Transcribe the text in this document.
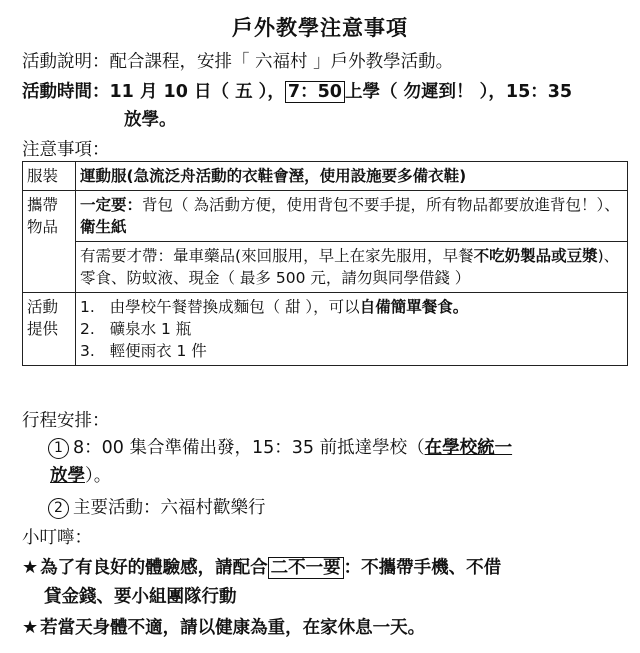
戶外教學注意事項
活動說明：配合課程，安排「 六福村 」戶外教學活動。
活動時間：11 月 10 日（ 五 ）， 7：50 上學（ 勿遲到！ ），15：35
放學。
注意事項：
服裝	運動服(急流泛舟活動的衣鞋會溼，使用設施要多備衣鞋)
攜帶物品	一定要：背包（ 為活動方便，使用背包不要手提，所有物品都要放進背包！）、衛生紙
	有需要才帶：暈車藥品(來回服用，早上在家先服用，早餐不吃奶製品或豆漿)、零食、防蚊液、現金（ 最多 500 元，請勿與同學借錢 ）
活動提供	1. 由學校午餐替換成麵包（ 甜 ），可以自備簡單餐食。
2. 礦泉水 1 瓶
3. 輕便雨衣 1 件
行程安排：
1 8：00 集合準備出發，15：35 前抵達學校（在學校統一
放學）。
2 主要活動：六福村歡樂行
小叮嚀：
★ 為了有良好的體驗感，請配合 二不一要 ：不攜帶手機、不借
貸金錢、要小組團隊行動
★ 若當天身體不適，請以健康為重，在家休息一天。
